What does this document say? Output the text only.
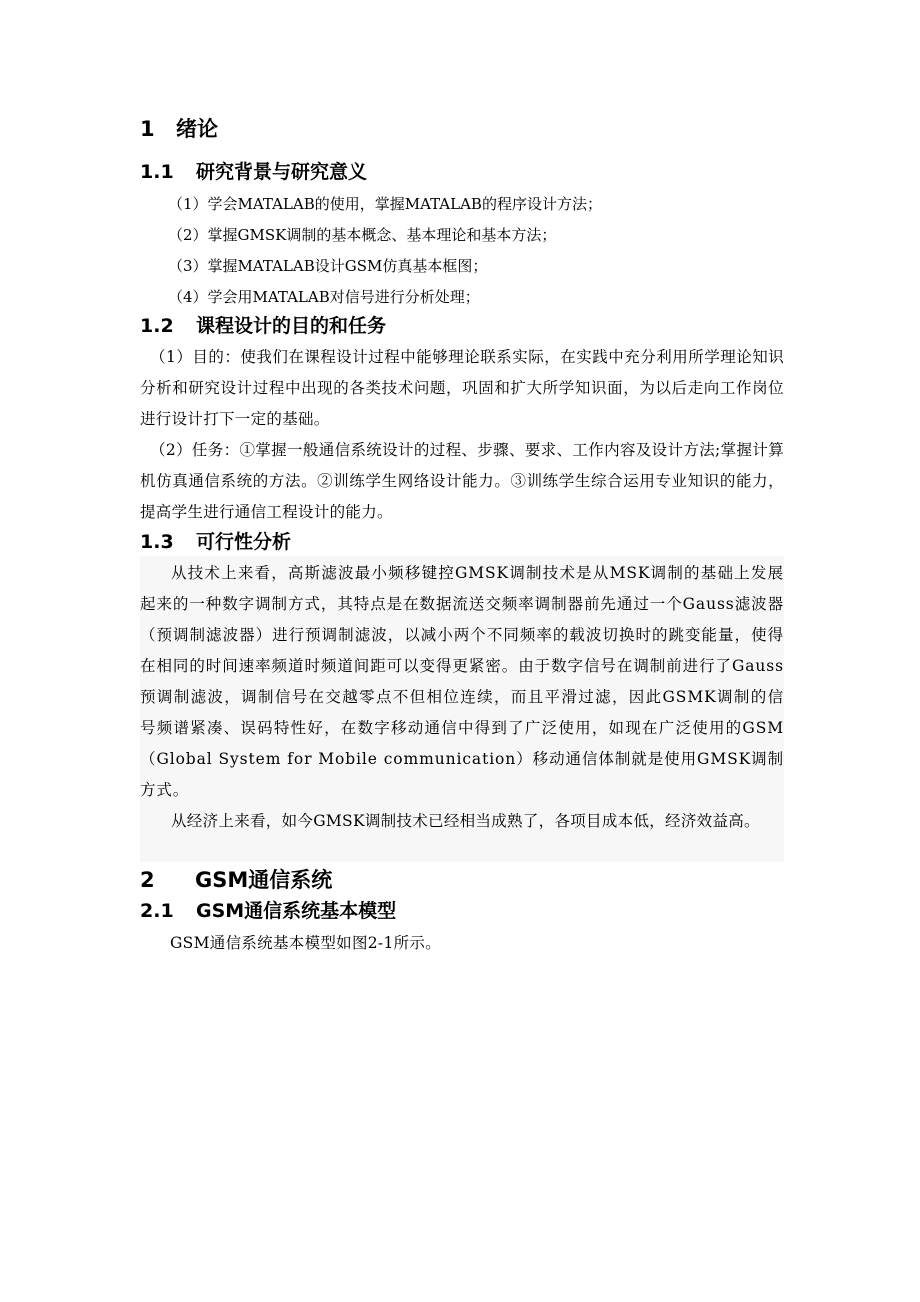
1 绪论
1.1 研究背景与研究意义
（1）学会MATALAB的使用，掌握MATALAB的程序设计方法；
（2）掌握GMSK调制的基本概念、基本理论和基本方法；
（3）掌握MATALAB设计GSM仿真基本框图；
（4）学会用MATALAB对信号进行分析处理；
1.2 课程设计的目的和任务
（1）目的：使我们在课程设计过程中能够理论联系实际，在实践中充分利用所学理论知识分析和研究设计过程中出现的各类技术问题，巩固和扩大所学知识面，为以后走向工作岗位进行设计打下一定的基础。
（2）任务：①掌握一般通信系统设计的过程、步骤、要求、工作内容及设计方法;掌握计算机仿真通信系统的方法。②训练学生网络设计能力。③训练学生综合运用专业知识的能力，提高学生进行通信工程设计的能力。
1.3 可行性分析
从技术上来看，高斯滤波最小频移键控GMSK调制技术是从MSK调制的基础上发展起来的一种数字调制方式，其特点是在数据流送交频率调制器前先通过一个Gauss滤波器（预调制滤波器）进行预调制滤波，以减小两个不同频率的载波切换时的跳变能量，使得在相同的时间速率频道时频道间距可以变得更紧密。由于数字信号在调制前进行了Gauss预调制滤波，调制信号在交越零点不但相位连续，而且平滑过滤，因此GSMK调制的信号频谱紧凑、误码特性好，在数字移动通信中得到了广泛使用，如现在广泛使用的GSM（Global System for Mobile communication）移动通信体制就是使用GMSK调制方式。
从经济上来看，如今GMSK调制技术已经相当成熟了，各项目成本低，经济效益高。
2 GSM通信系统
2.1 GSM通信系统基本模型
GSM通信系统基本模型如图2-1所示。
